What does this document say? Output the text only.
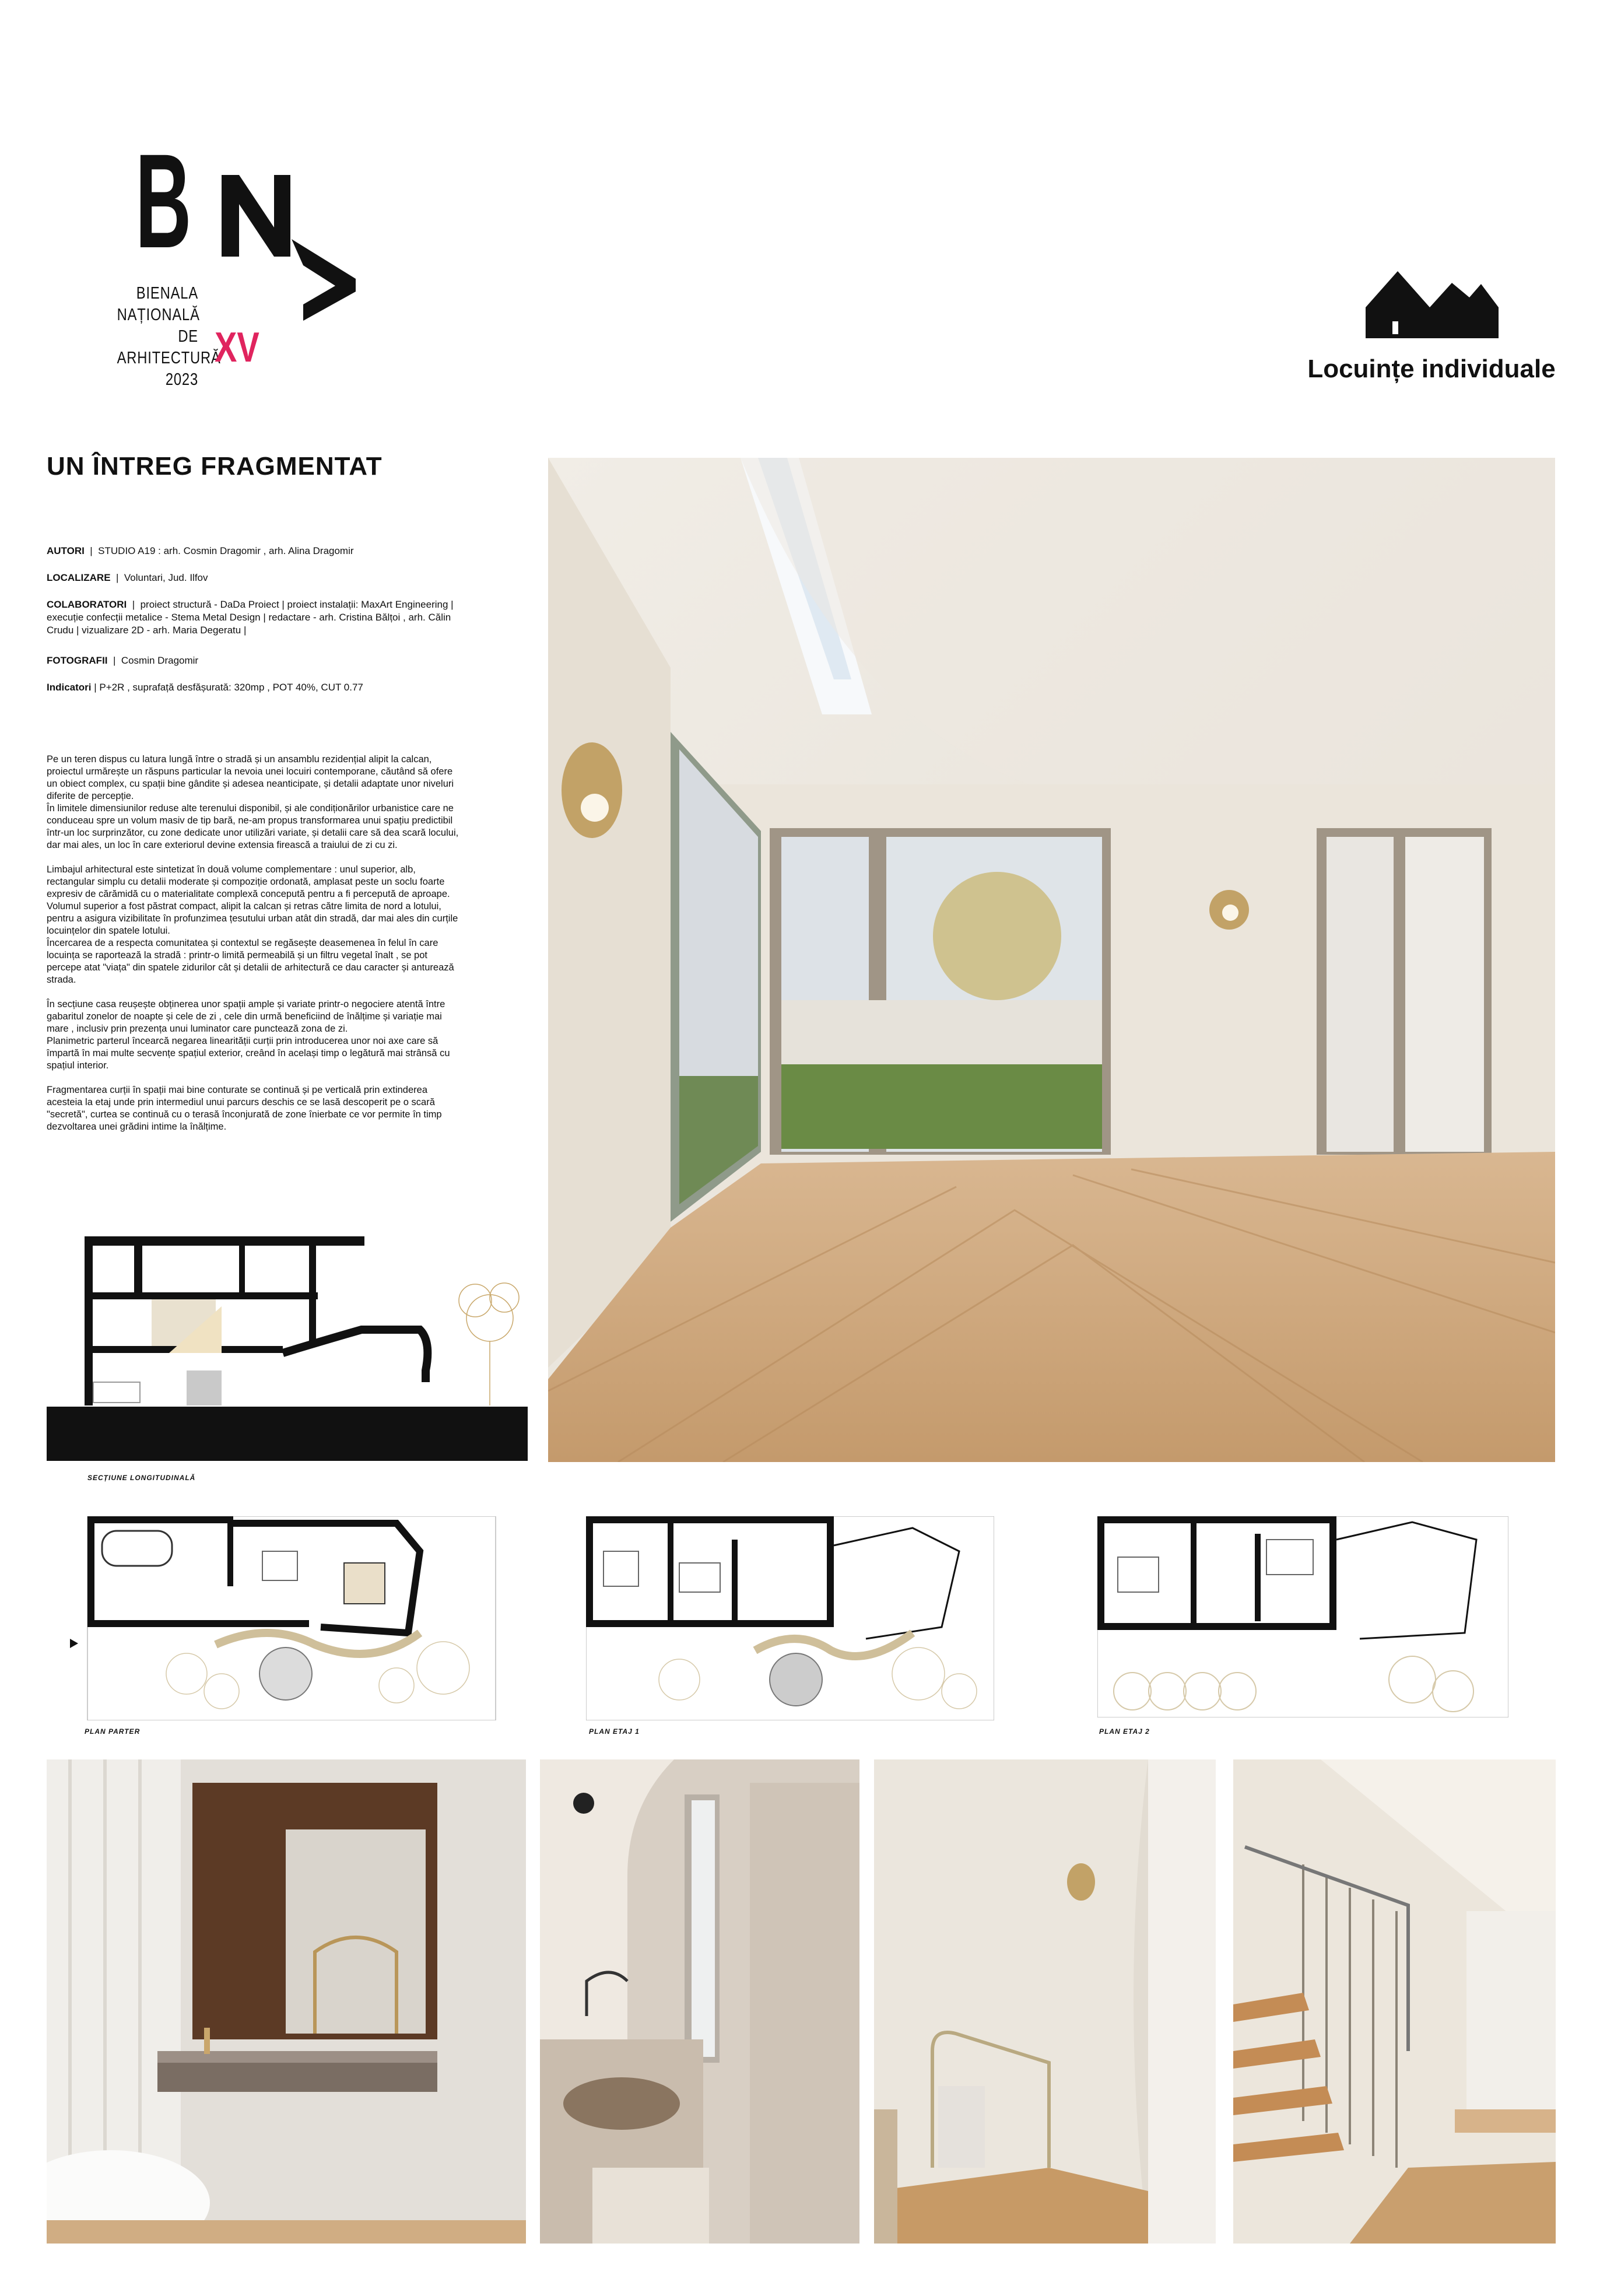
B
BIENALA
NAȚIONALĂ
DE
ARHITECTURĂ
2023
XV	Locuințe individuale
UN ÎNTREG FRAGMENTAT
AUTORI  |  STUDIO A19 : arh. Cosmin Dragomir , arh. Alina Dragomir
LOCALIZARE  |  Voluntari, Jud. Ilfov
COLABORATORI  |  proiect structură - DaDa Proiect | proiect instalații: MaxArt Engineering |
execuție confecții metalice - Stema Metal Design | redactare - arh. Cristina Bălțoi , arh. Călin
Crudu | vizualizare 2D - arh. Maria Degeratu |
FOTOGRAFII  |  Cosmin Dragomir
Indicatori | P+2R , suprafață desfășurată: 320mp , POT 40%, CUT 0.77

Pe un teren dispus cu latura lungă între o stradă și un ansamblu rezidențial alipit la calcan,
proiectul urmărește un răspuns particular la nevoia unei locuiri contemporane, căutând să ofere
un obiect complex, cu spații bine gândite și adesea neanticipate, și detalii adaptate unor niveluri
diferite de percepție.
În limitele dimensiunilor reduse alte terenului disponibil, și ale condiționărilor urbanistice care ne
conduceau spre un volum masiv de tip bară, ne-am propus transformarea unui spațiu predictibil
într-un loc surprinzător, cu zone dedicate unor utilizări variate, și detalii care să dea scară locului,
dar mai ales, un loc în care exteriorul devine extensia firească a traiului de zi cu zi.

Limbajul arhitectural este sintetizat în două volume complementare : unul superior, alb,
rectangular simplu cu detalii moderate și compoziție ordonată, amplasat peste un soclu foarte
expresiv de cărămidă cu o materialitate complexă concepută pentru a fi percepută de aproape.
Volumul superior a fost păstrat compact, alipit la calcan și retras către limita de nord a lotului,
pentru a asigura vizibilitate în profunzimea țesutului urban atât din stradă, dar mai ales din curțile
locuințelor din spatele lotului.
Încercarea de a respecta comunitatea și contextul se regăsește deasemenea în felul în care
locuința se raportează la stradă : printr-o limită permeabilă și un filtru vegetal înalt , se pot
percepe atat "viața" din spatele zidurilor cât și detalii de arhitectură ce dau caracter și anturează
strada.

În secțiune casa reușește obținerea unor spații ample și variate printr-o negociere atentă între
gabaritul zonelor de noapte și cele de zi , cele din urmă beneficiind de înălțime și variație mai
mare , inclusiv prin prezența unui luminator care punctează zona de zi.
Planimetric parterul încearcă negarea linearității curții prin introducerea unor noi axe care să
împartă în mai multe secvențe spațiul exterior, creând în același timp o legătură mai strânsă cu
spațiul interior.

Fragmentarea curții în spații mai bine conturate se continuă și pe verticală prin extinderea
acesteia la etaj unde prin intermediul unui parcurs deschis ce se lasă descoperit pe o scară
"secretă", curtea se continuă cu o terasă înconjurată de zone înierbate ce vor permite în timp
dezvoltarea unei grădini intime la înălțime.

SECȚIUNE LONGITUDINALĂ
PLAN PARTER	PLAN ETAJ 1	PLAN ETAJ 2
